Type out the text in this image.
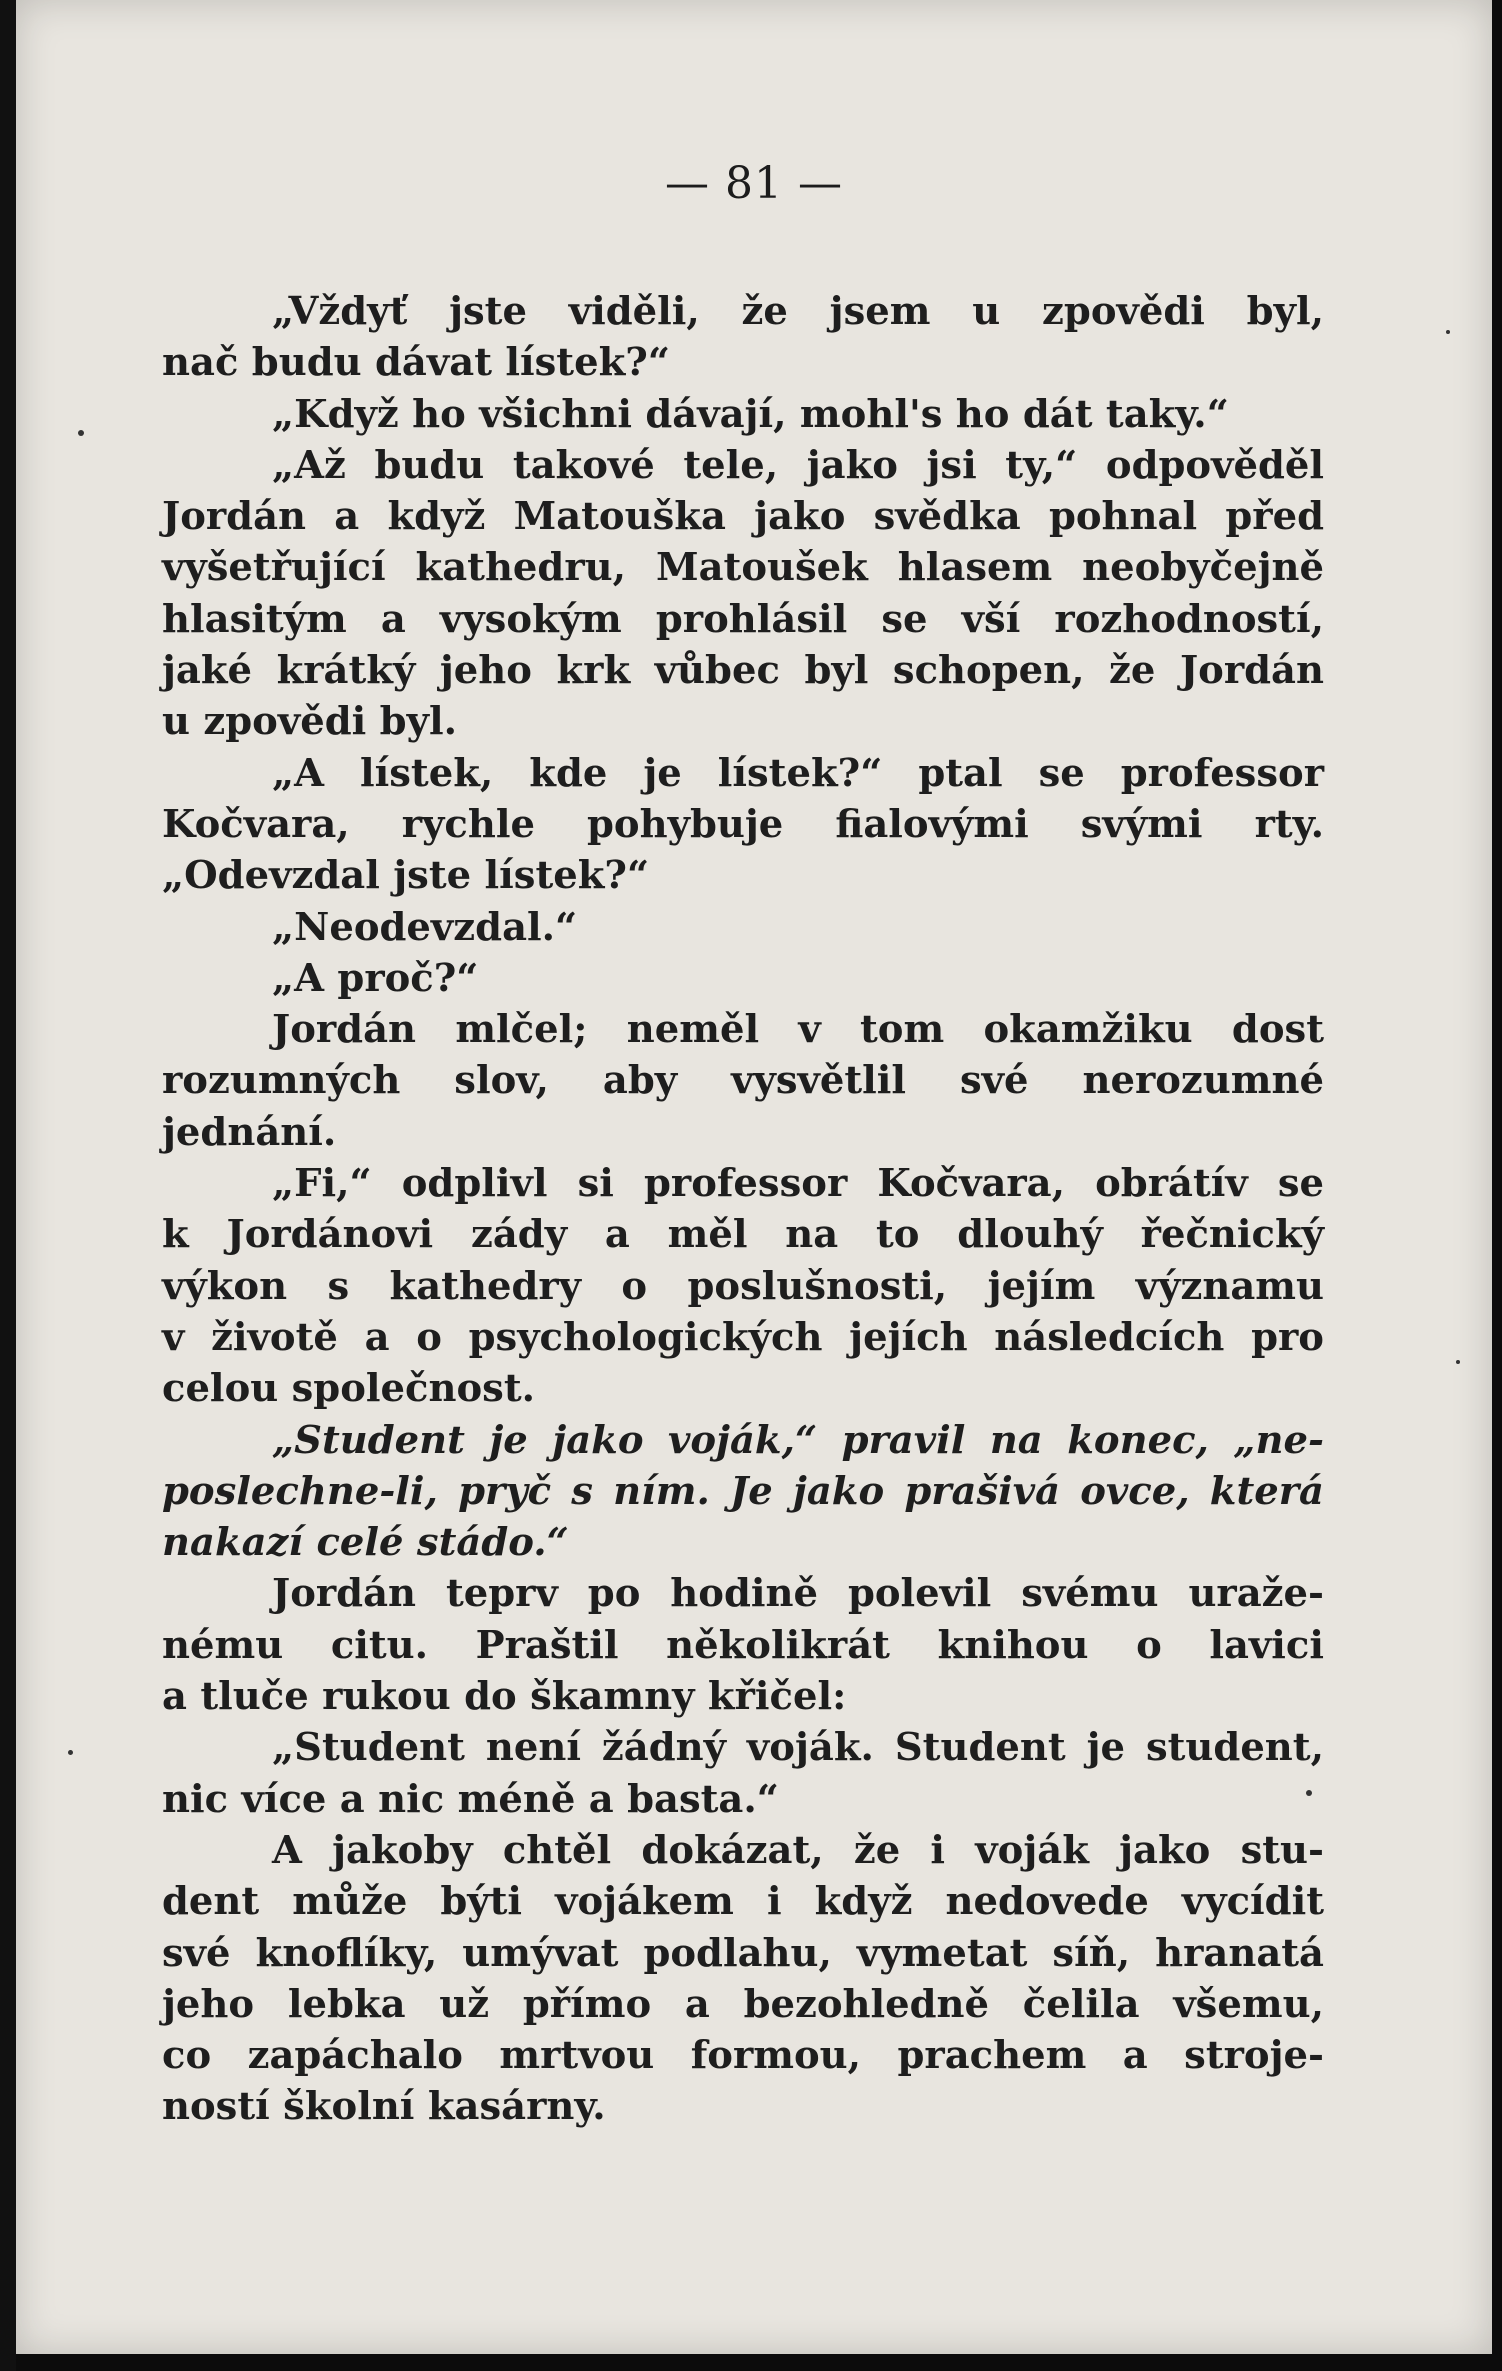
— 81 —
„Vždyť jste viděli, že jsem u zpovědi byl,
nač budu dávat lístek?“
„Když ho všichni dávají, mohl's ho dát taky.“
„Až budu takové tele, jako jsi ty,“ odpověděl
Jordán a když Matouška jako svědka pohnal před
vyšetřující kathedru, Matoušek hlasem neobyčejně
hlasitým a vysokým prohlásil se vší rozhodností,
jaké krátký jeho krk vůbec byl schopen, že Jordán
u zpovědi byl.
„A lístek, kde je lístek?“ ptal se professor
Kočvara, rychle pohybuje fialovými svými rty.
„Odevzdal jste lístek?“
„Neodevzdal.“
„A proč?“
Jordán mlčel; neměl v tom okamžiku dost
rozumných slov, aby vysvětlil své nerozumné
jednání.
„Fi,“ odplivl si professor Kočvara, obrátív se
k Jordánovi zády a měl na to dlouhý řečnický
výkon s kathedry o poslušnosti, jejím významu
v životě a o psychologických jejích následcích pro
celou společnost.
„Student je jako voják,“ pravil na konec, „ne-
poslechne-li, pryč s ním. Je jako prašivá ovce, která
nakazí celé stádo.“
Jordán teprv po hodině polevil svému uraže-
nému citu. Praštil několikrát knihou o lavici
a tluče rukou do škamny křičel:
„Student není žádný voják. Student je student,
nic více a nic méně a basta.“
A jakoby chtěl dokázat, že i voják jako stu-
dent může býti vojákem i když nedovede vycídit
své knoflíky, umývat podlahu, vymetat síň, hranatá
jeho lebka už přímo a bezohledně čelila všemu,
co zapáchalo mrtvou formou, prachem a stroje-
ností školní kasárny.
